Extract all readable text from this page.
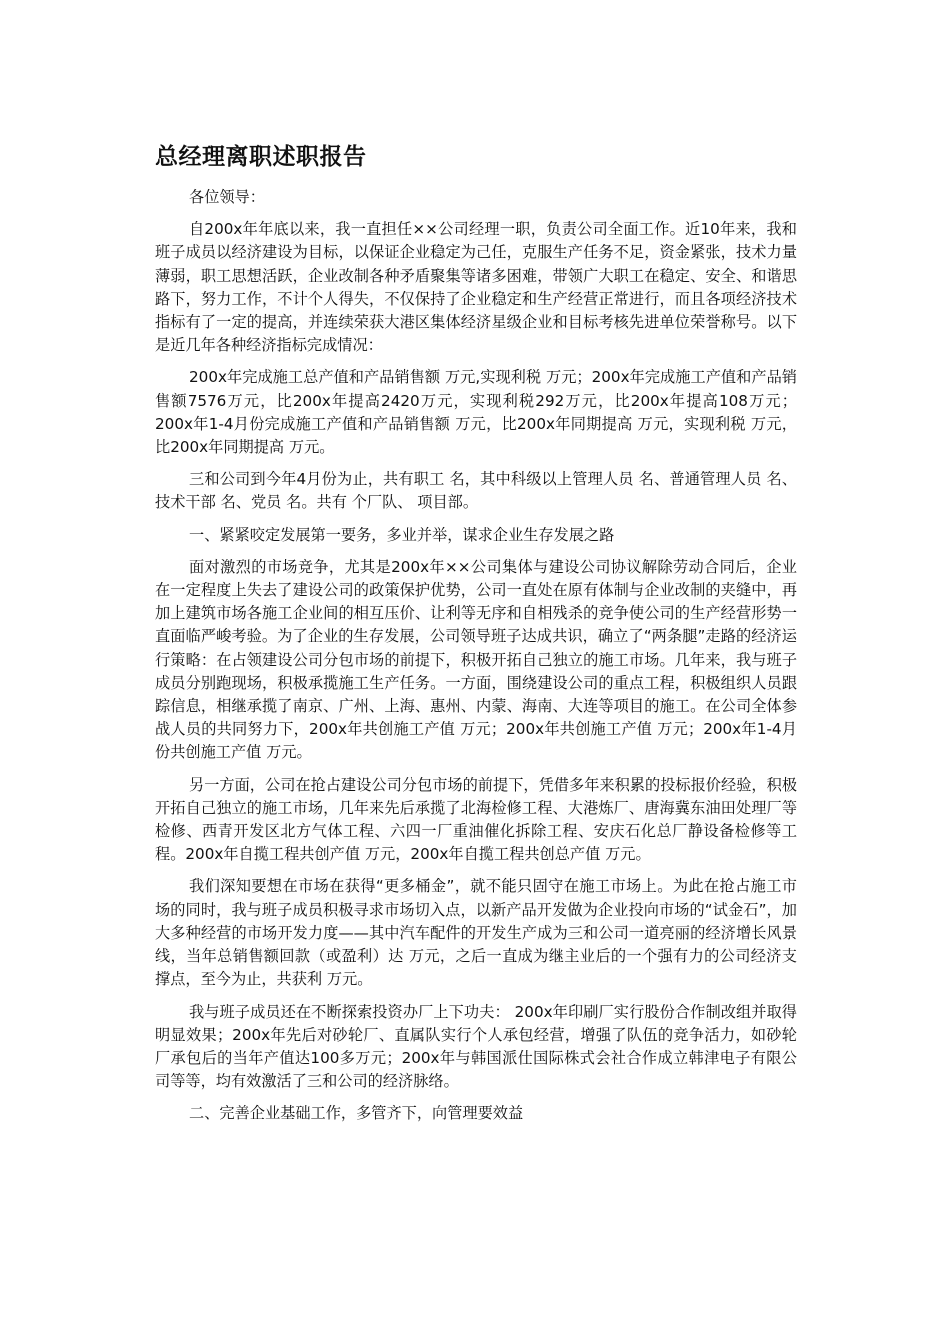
总经理离职述职报告

各位领导：

自200x年年底以来，我一直担任××公司经理一职，负责公司全面工作。近10年来，我和班子成员以经济建设为目标，以保证企业稳定为己任，克服生产任务不足，资金紧张，技术力量薄弱，职工思想活跃，企业改制各种矛盾聚集等诸多困难，带领广大职工在稳定、安全、和谐思路下，努力工作，不计个人得失，不仅保持了企业稳定和生产经营正常进行，而且各项经济技术指标有了一定的提高，并连续荣获大港区集体经济星级企业和目标考核先进单位荣誉称号。以下是近几年各种经济指标完成情况：

200x年完成施工总产值和产品销售额 万元,实现利税 万元；200x年完成施工产值和产品销售额7576万元，比200x年提高2420万元，实现利税292万元，比200x年提高108万元；200x年1-4月份完成施工产值和产品销售额 万元，比200x年同期提高 万元，实现利税 万元，比200x年同期提高 万元。

三和公司到今年4月份为止，共有职工 名，其中科级以上管理人员 名、普通管理人员 名、技术干部 名、党员 名。共有 个厂队、 项目部。

一、紧紧咬定发展第一要务，多业并举，谋求企业生存发展之路

面对激烈的市场竞争，尤其是200x年××公司集体与建设公司协议解除劳动合同后，企业在一定程度上失去了建设公司的政策保护优势，公司一直处在原有体制与企业改制的夹缝中，再加上建筑市场各施工企业间的相互压价、让利等无序和自相残杀的竞争使公司的生产经营形势一直面临严峻考验。为了企业的生存发展，公司领导班子达成共识，确立了“两条腿”走路的经济运行策略：在占领建设公司分包市场的前提下，积极开拓自己独立的施工市场。几年来，我与班子成员分别跑现场，积极承揽施工生产任务。一方面，围绕建设公司的重点工程，积极组织人员跟踪信息，相继承揽了南京、广州、上海、惠州、内蒙、海南、大连等项目的施工。在公司全体参战人员的共同努力下，200x年共创施工产值 万元；200x年共创施工产值 万元；200x年1-4月份共创施工产值 万元。

另一方面，公司在抢占建设公司分包市场的前提下，凭借多年来积累的投标报价经验，积极开拓自己独立的施工市场，几年来先后承揽了北海检修工程、大港炼厂、唐海冀东油田处理厂等检修、西青开发区北方气体工程、六四一厂重油催化拆除工程、安庆石化总厂静设备检修等工程。200x年自揽工程共创产值 万元，200x年自揽工程共创总产值 万元。

我们深知要想在市场在获得“更多桶金”，就不能只固守在施工市场上。为此在抢占施工市场的同时，我与班子成员积极寻求市场切入点，以新产品开发做为企业投向市场的“试金石”，加大多种经营的市场开发力度——其中汽车配件的开发生产成为三和公司一道亮丽的经济增长风景线，当年总销售额回款（或盈利）达 万元，之后一直成为继主业后的一个强有力的公司经济支撑点，至今为止，共获利 万元。

我与班子成员还在不断探索投资办厂上下功夫： 200x年印刷厂实行股份合作制改组并取得明显效果；200x年先后对砂轮厂、直属队实行个人承包经营，增强了队伍的竞争活力，如砂轮厂承包后的当年产值达100多万元；200x年与韩国派仕国际株式会社合作成立韩津电子有限公司等等，均有效激活了三和公司的经济脉络。

二、完善企业基础工作，多管齐下，向管理要效益
